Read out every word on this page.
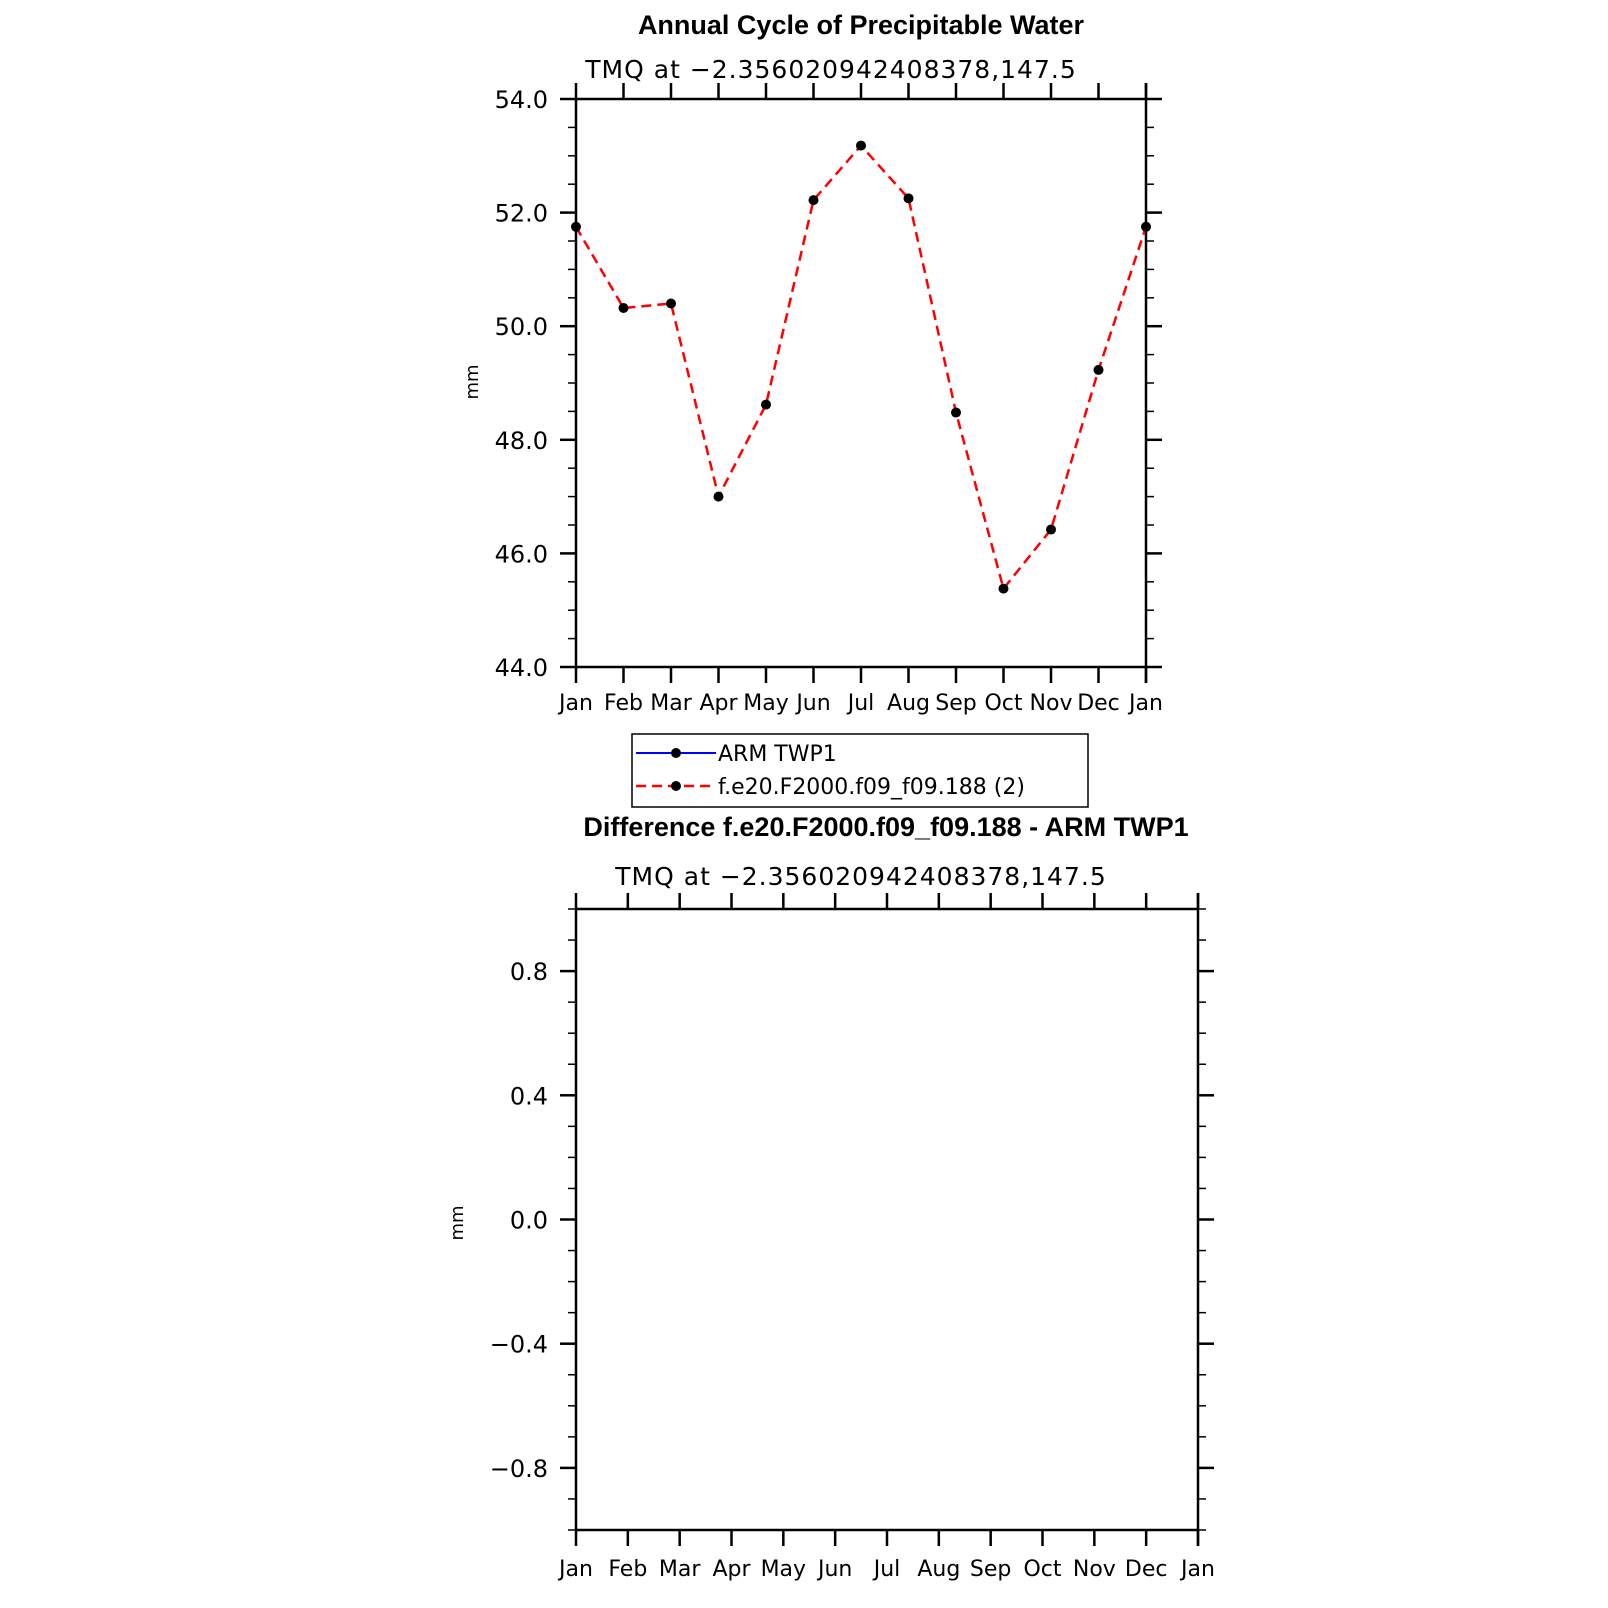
Annual Cycle of Precipitable Water
TMQ at −2.356020942408378,147.5
mm
Jan Feb Mar Apr May Jun Jul Aug Sep Oct Nov Dec Jan
44.0
46.0
48.0
50.0
52.0
54.0
ARM TWP1
f.e20.F2000.f09_f09.188 (2)
Difference f.e20.F2000.f09_f09.188 - ARM TWP1
TMQ at −2.356020942408378,147.5
mm
Jan Feb Mar Apr May Jun Jul Aug Sep Oct Nov Dec Jan
−0.8
−0.4
0.0
0.4
0.8
